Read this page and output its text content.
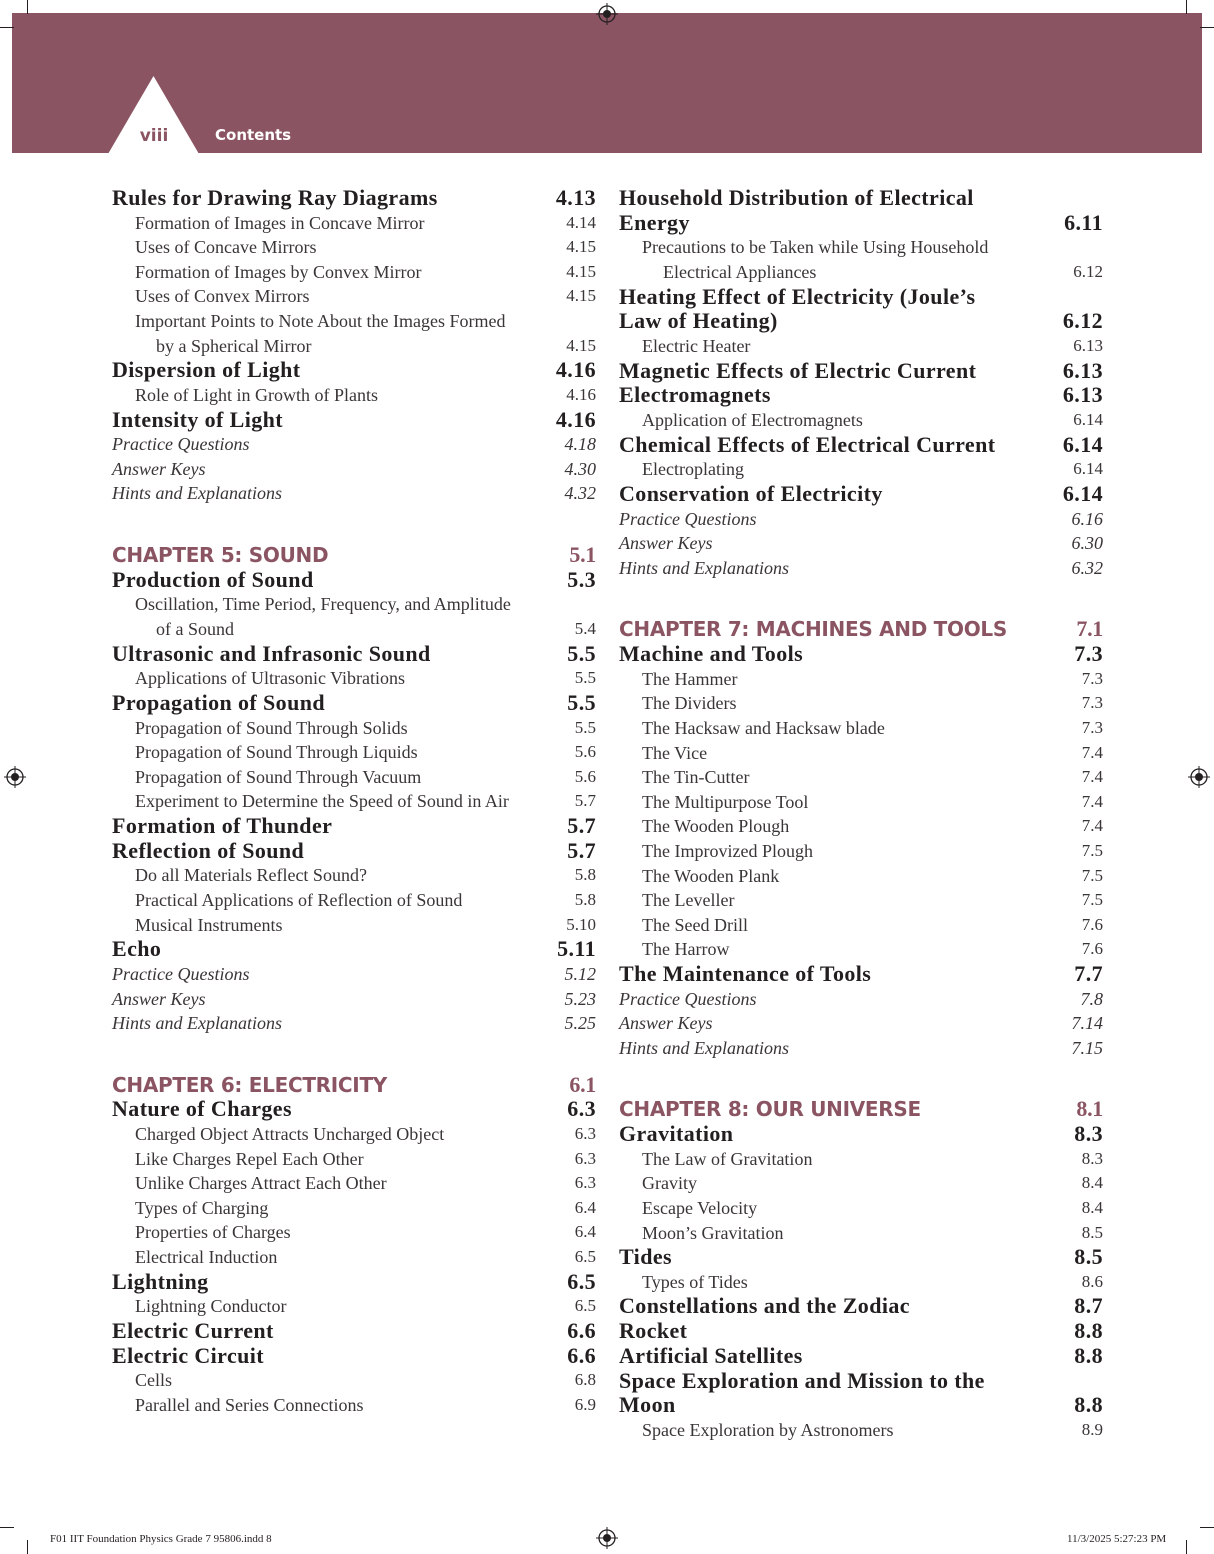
viii	Contents
Rules for Drawing Ray Diagrams	4.13
Formation of Images in Concave Mirror	4.14
Uses of Concave Mirrors	4.15
Formation of Images by Convex Mirror	4.15
Uses of Convex Mirrors	4.15
Important Points to Note About the Images Formed by a Spherical Mirror	4.15
Dispersion of Light	4.16
Role of Light in Growth of Plants	4.16
Intensity of Light	4.16
Practice Questions	4.18
Answer Keys	4.30
Hints and Explanations	4.32
CHAPTER 5: SOUND	5.1
Production of Sound	5.3
Oscillation, Time Period, Frequency, and Amplitude of a Sound	5.4
Ultrasonic and Infrasonic Sound	5.5
Applications of Ultrasonic Vibrations	5.5
Propagation of Sound	5.5
Propagation of Sound Through Solids	5.5
Propagation of Sound Through Liquids	5.6
Propagation of Sound Through Vacuum	5.6
Experiment to Determine the Speed of Sound in Air	5.7
Formation of Thunder	5.7
Reflection of Sound	5.7
Do all Materials Reflect Sound?	5.8
Practical Applications of Reflection of Sound	5.8
Musical Instruments	5.10
Echo	5.11
Practice Questions	5.12
Answer Keys	5.23
Hints and Explanations	5.25
CHAPTER 6: ELECTRICITY	6.1
Nature of Charges	6.3
Charged Object Attracts Uncharged Object	6.3
Like Charges Repel Each Other	6.3
Unlike Charges Attract Each Other	6.3
Types of Charging	6.4
Properties of Charges	6.4
Electrical Induction	6.5
Lightning	6.5
Lightning Conductor	6.5
Electric Current	6.6
Electric Circuit	6.6
Cells	6.8
Parallel and Series Connections	6.9
Household Distribution of Electrical Energy	6.11
Precautions to be Taken while Using Household Electrical Appliances	6.12
Heating Effect of Electricity (Joule’s Law of Heating)	6.12
Electric Heater	6.13
Magnetic Effects of Electric Current	6.13
Electromagnets	6.13
Application of Electromagnets	6.14
Chemical Effects of Electrical Current	6.14
Electroplating	6.14
Conservation of Electricity	6.14
Practice Questions	6.16
Answer Keys	6.30
Hints and Explanations	6.32
CHAPTER 7: MACHINES AND TOOLS	7.1
Machine and Tools	7.3
The Hammer	7.3
The Dividers	7.3
The Hacksaw and Hacksaw blade	7.3
The Vice	7.4
The Tin-Cutter	7.4
The Multipurpose Tool	7.4
The Wooden Plough	7.4
The Improvized Plough	7.5
The Wooden Plank	7.5
The Leveller	7.5
The Seed Drill	7.6
The Harrow	7.6
The Maintenance of Tools	7.7
Practice Questions	7.8
Answer Keys	7.14
Hints and Explanations	7.15
CHAPTER 8: OUR UNIVERSE	8.1
Gravitation	8.3
The Law of Gravitation	8.3
Gravity	8.4
Escape Velocity	8.4
Moon’s Gravitation	8.5
Tides	8.5
Types of Tides	8.6
Constellations and the Zodiac	8.7
Rocket	8.8
Artificial Satellites	8.8
Space Exploration and Mission to the Moon	8.8
Space Exploration by Astronomers	8.9
F01 IIT Foundation Physics Grade 7 95806.indd 8	11/3/2025 5:27:23 PM
